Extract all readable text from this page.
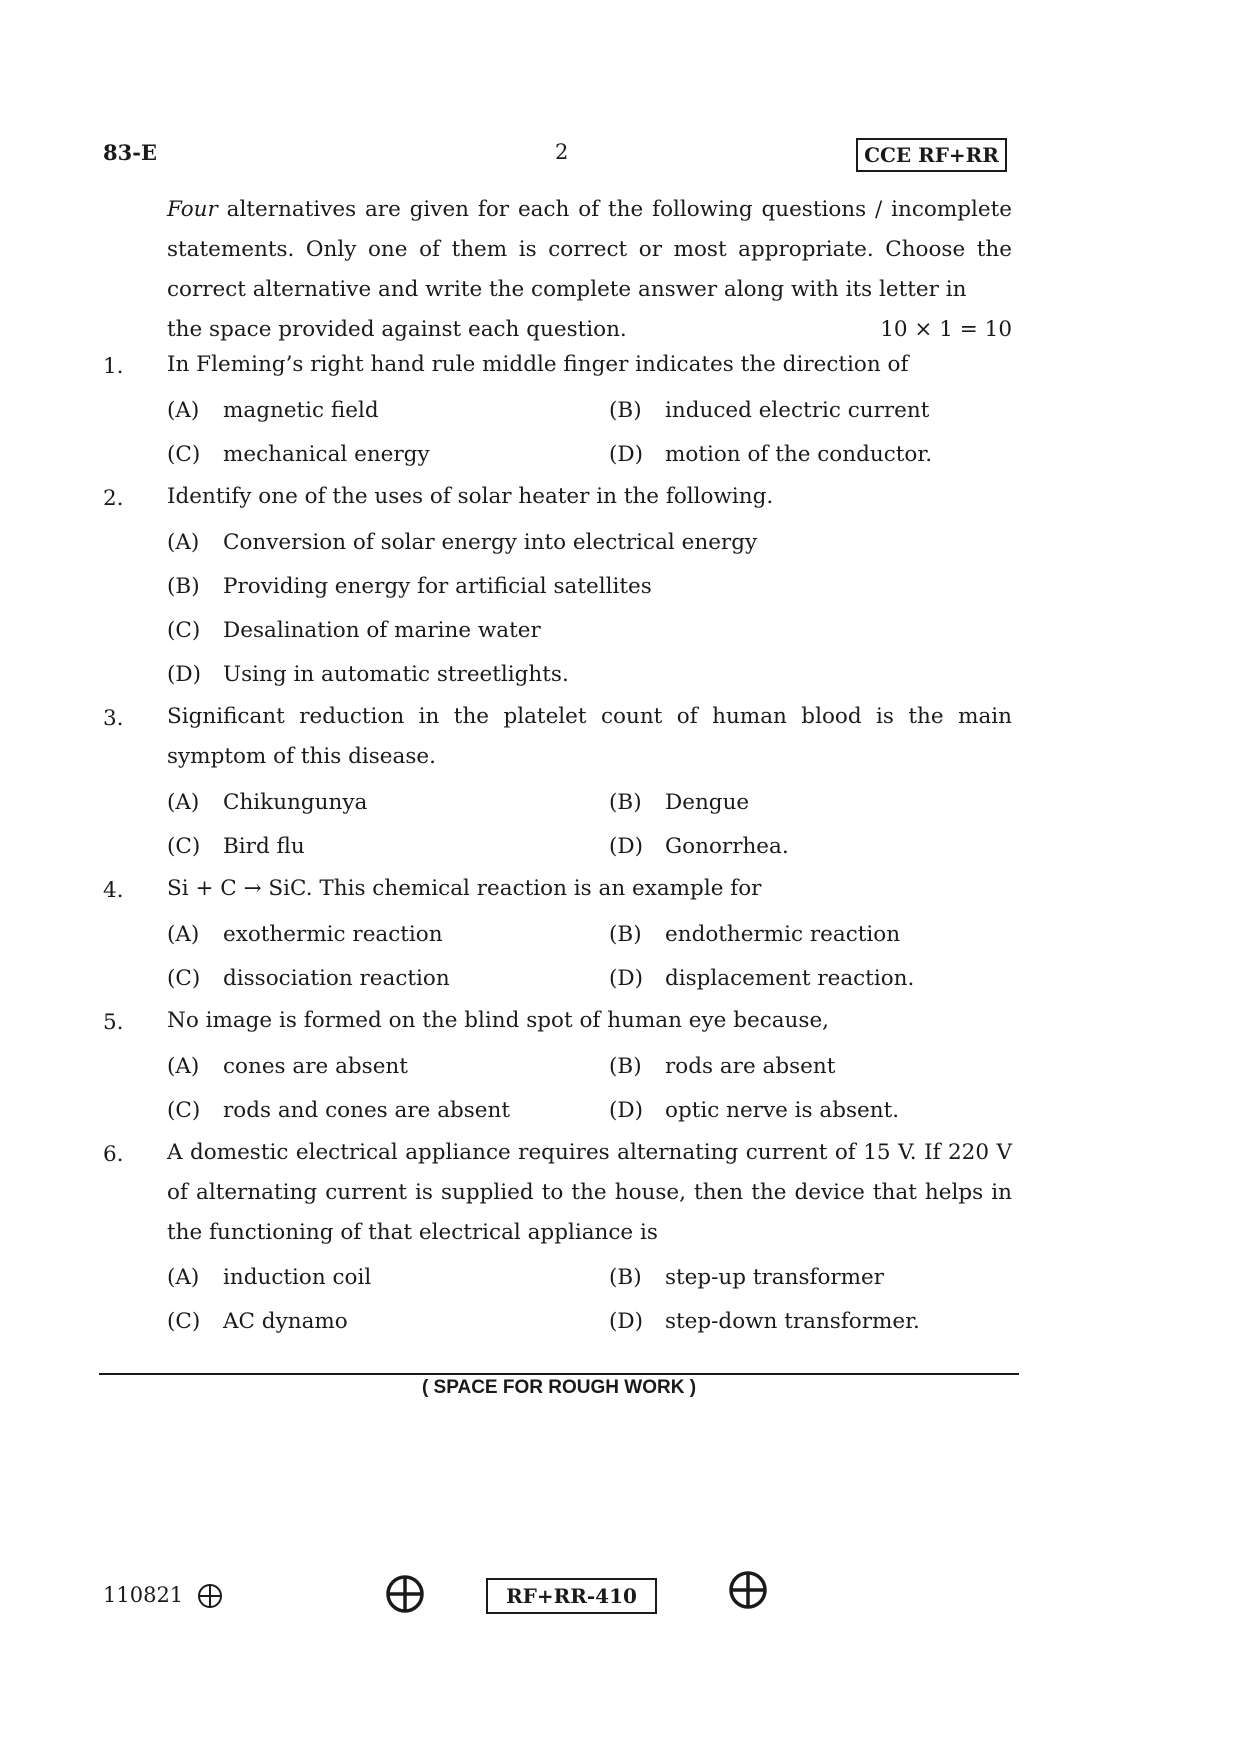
83-E	2	CCE RF+RR
Four alternatives are given for each of the following questions / incomplete statements. Only one of them is correct or most appropriate. Choose the correct alternative and write the complete answer along with its letter in
the space provided against each question.	10 × 1 = 10
1. In Fleming’s right hand rule middle finger indicates the direction of
(A) magnetic field	(B) induced electric current
(C) mechanical energy	(D) motion of the conductor.
2. Identify one of the uses of solar heater in the following.
(A) Conversion of solar energy into electrical energy
(B) Providing energy for artificial satellites
(C) Desalination of marine water
(D) Using in automatic streetlights.
3. Significant reduction in the platelet count of human blood is the main symptom of this disease.
(A) Chikungunya	(B) Dengue
(C) Bird flu	(D) Gonorrhea.
4. Si + C → SiC. This chemical reaction is an example for
(A) exothermic reaction	(B) endothermic reaction
(C) dissociation reaction	(D) displacement reaction.
5. No image is formed on the blind spot of human eye because,
(A) cones are absent	(B) rods are absent
(C) rods and cones are absent	(D) optic nerve is absent.
6. A domestic electrical appliance requires alternating current of 15 V. If 220 V of alternating current is supplied to the house, then the device that helps in the functioning of that electrical appliance is
(A) induction coil	(B) step-up transformer
(C) AC dynamo	(D) step-down transformer.
( SPACE FOR ROUGH WORK )
110821	RF+RR-410
